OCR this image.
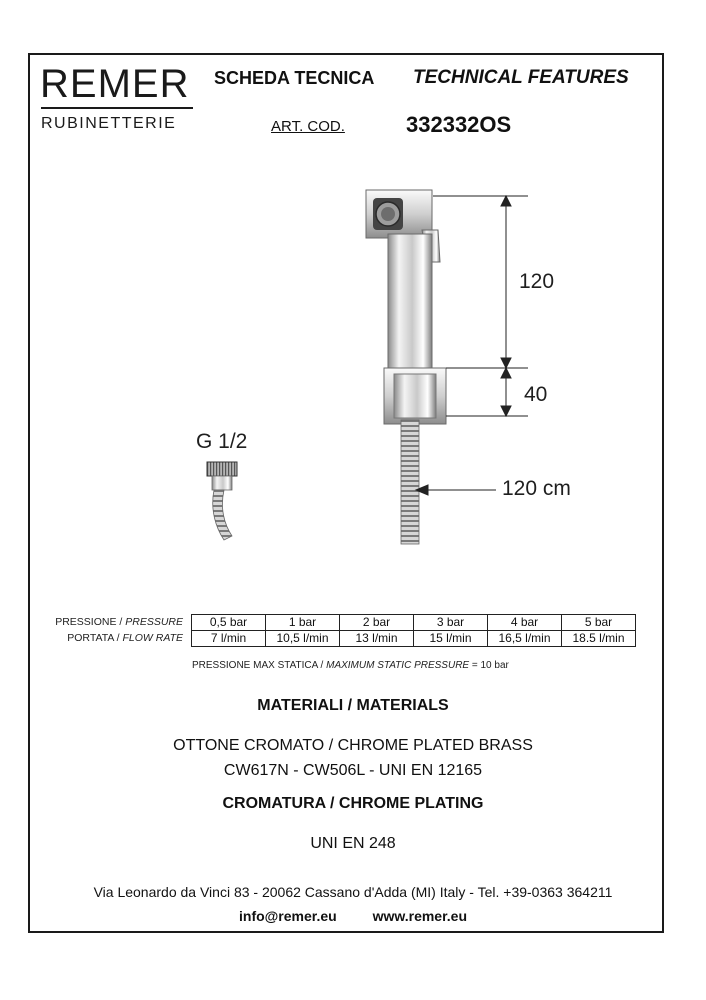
REMER
RUBINETTERIE
SCHEDA TECNICA TECHNICAL FEATURES
ART. COD.	332332OS
120
40
120 cm
G 1/2
PRESSIONE / PRESSURE	0,5 bar	1 bar	2 bar	3 bar	4 bar	5 bar
PORTATA / FLOW RATE	7 l/min	10,5 l/min	13 l/min	15 l/min	16,5 l/min	18.5 l/min
PRESSIONE MAX STATICA / MAXIMUM STATIC PRESSURE = 10 bar
MATERIALI / MATERIALS
OTTONE CROMATO / CHROME PLATED BRASS
CW617N - CW506L - UNI EN 12165
CROMATURA / CHROME PLATING
UNI EN 248
Via Leonardo da Vinci 83 - 20062 Cassano d'Adda (MI) Italy - Tel. +39-0363 364211
info@remer.eu	www.remer.eu
